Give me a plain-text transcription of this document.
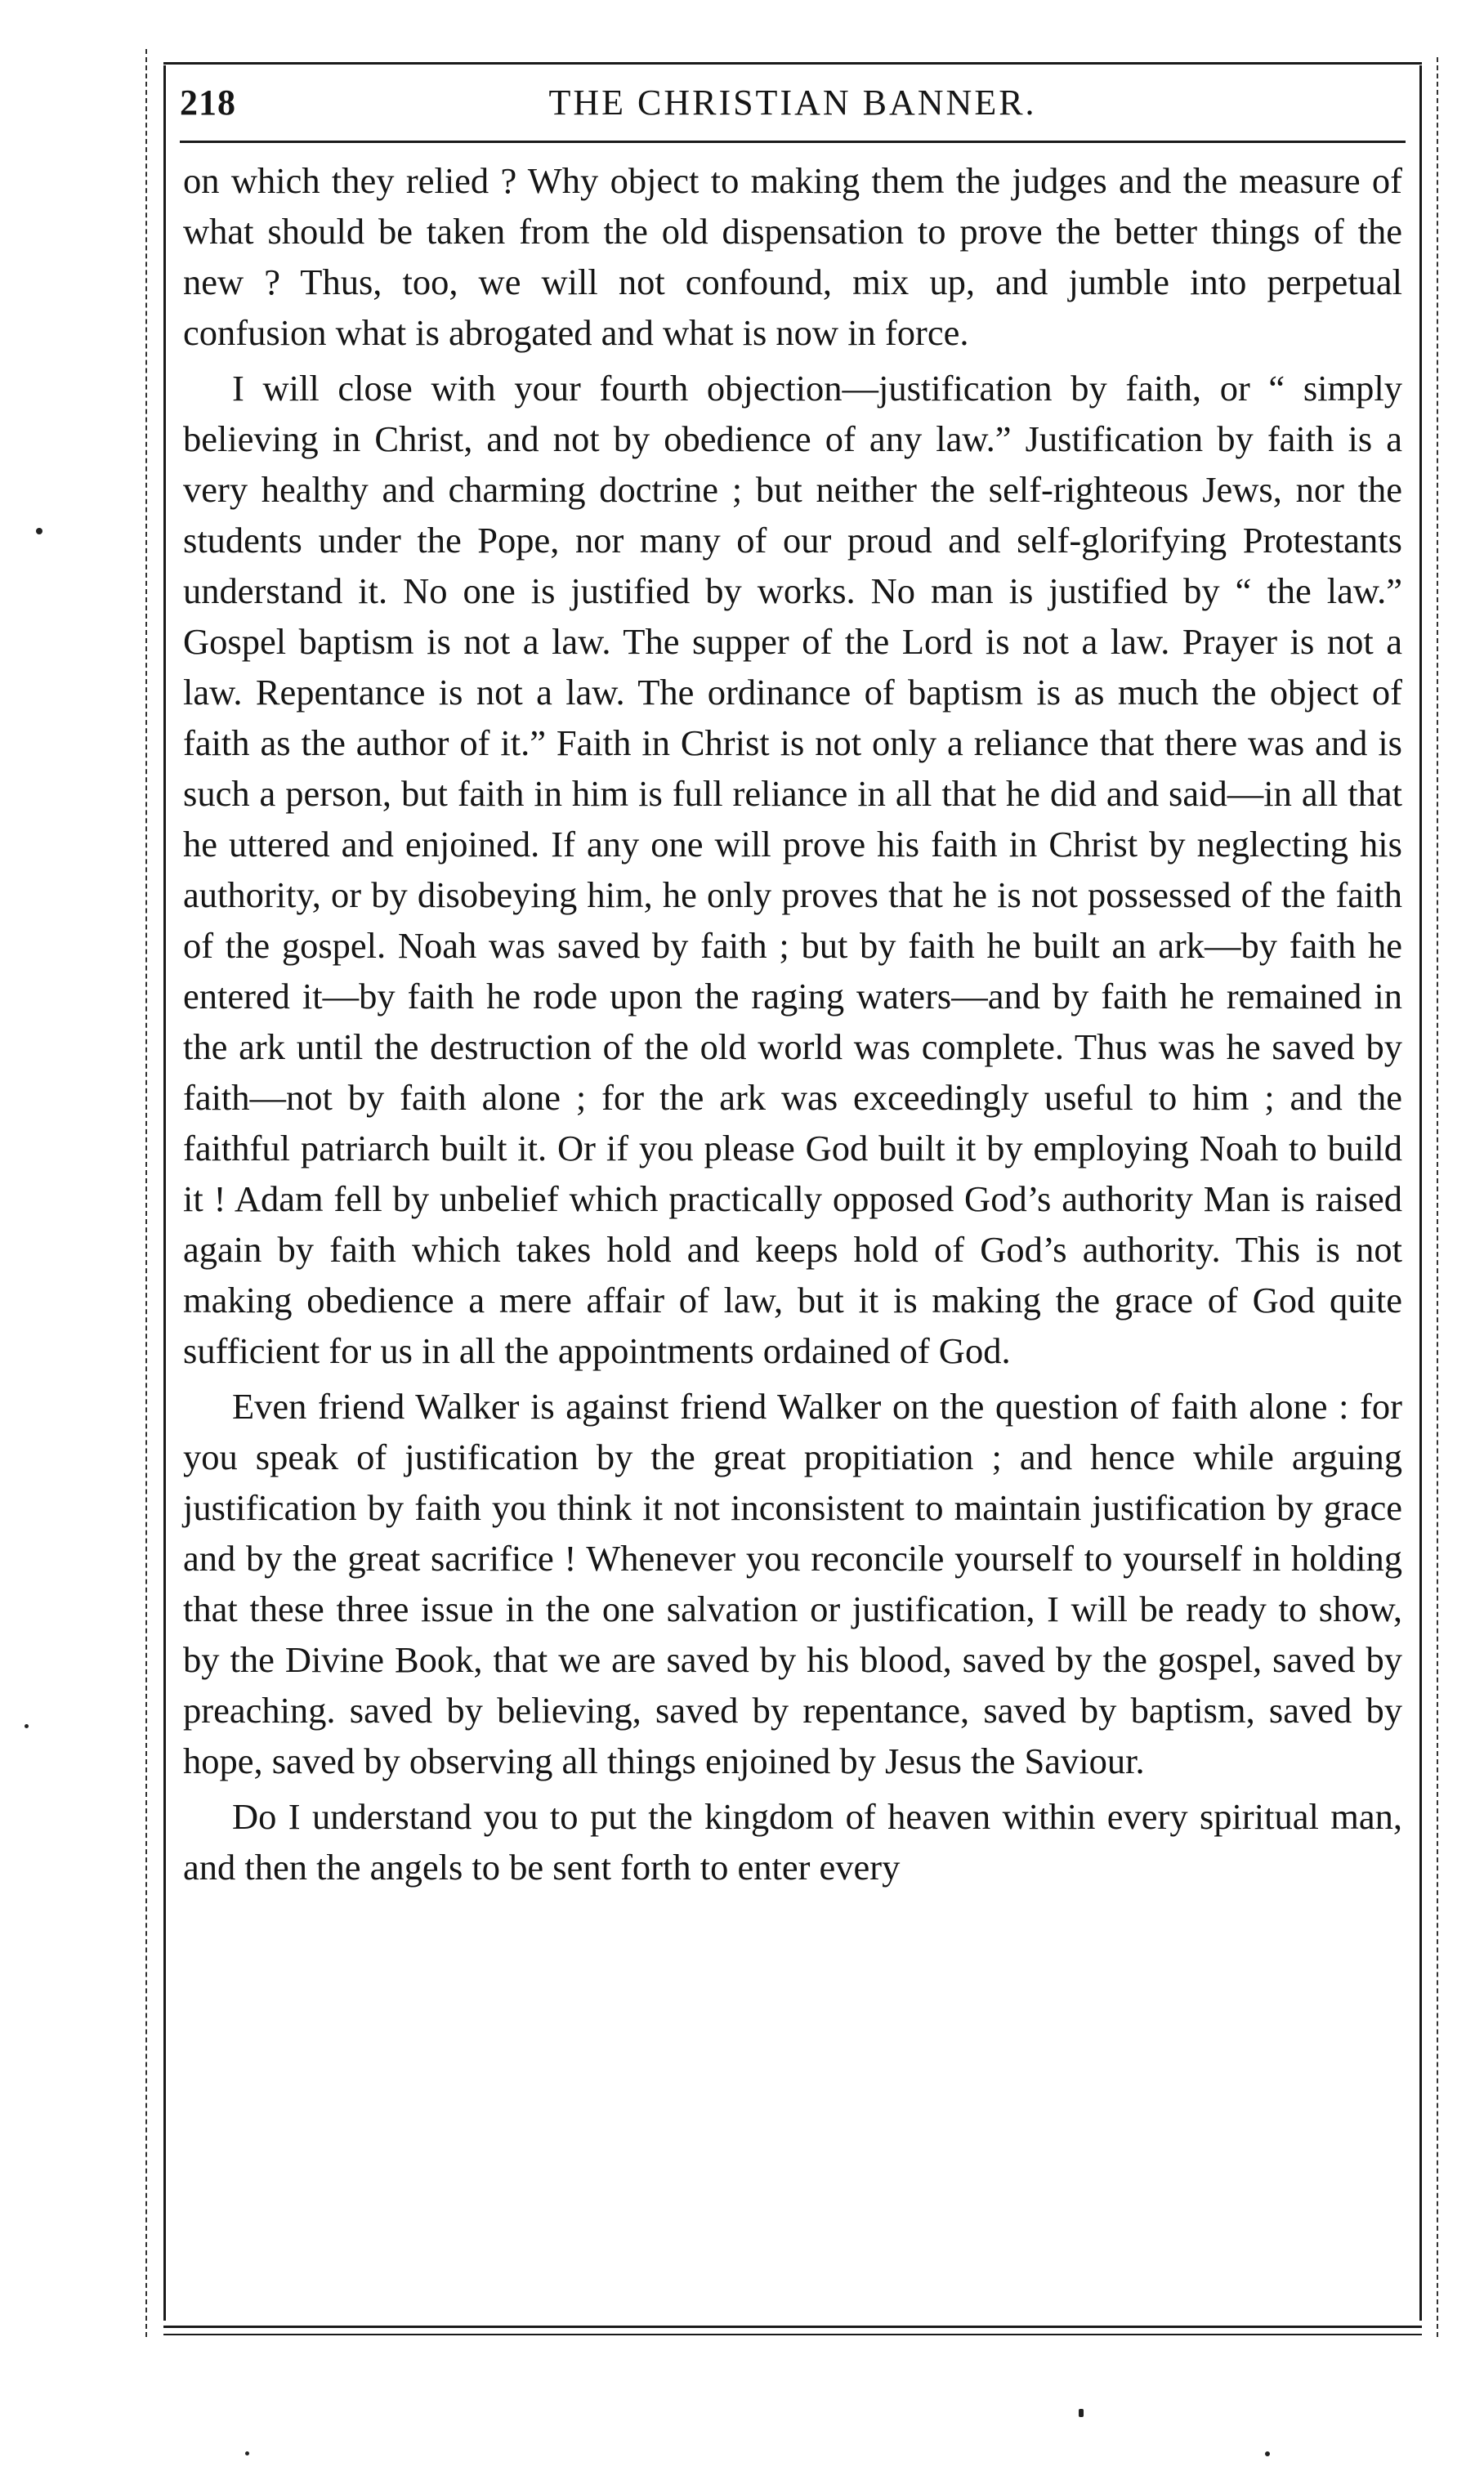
218	THE CHRISTIAN BANNER.

on which they relied ? Why object to making them the judges and the measure of what should be taken from the old dispensation to prove the better things of the new ? Thus, too, we will not confound, mix up, and jumble into perpetual confusion what is abrogated and what is now in force.

I will close with your fourth objection—justification by faith, or “ simply believing in Christ, and not by obedience of any law.” Justification by faith is a very healthy and charming doctrine ; but neither the self-righteous Jews, nor the students under the Pope, nor many of our proud and self-glorifying Protestants understand it. No one is justified by works. No man is justified by “ the law.” Gospel baptism is not a law. The supper of the Lord is not a law. Prayer is not a law. Repentance is not a law. The ordinance of baptism is as much the object of faith as the author of it.” Faith in Christ is not only a reliance that there was and is such a person, but faith in him is full reliance in all that he did and said—in all that he uttered and enjoined. If any one will prove his faith in Christ by neglecting his authority, or by disobeying him, he only proves that he is not possessed of the faith of the gospel. Noah was saved by faith ; but by faith he built an ark—by faith he entered it—by faith he rode upon the raging waters—and by faith he remained in the ark until the destruction of the old world was complete. Thus was he saved by faith—not by faith alone ; for the ark was exceedingly useful to him ; and the faithful patriarch built it. Or if you please God built it by employing Noah to build it ! Adam fell by unbelief which practically opposed God’s authority Man is raised again by faith which takes hold and keeps hold of God’s authority. This is not making obedience a mere affair of law, but it is making the grace of God quite sufficient for us in all the appointments ordained of God.

Even friend Walker is against friend Walker on the question of faith alone : for you speak of justification by the great propitiation ; and hence while arguing justification by faith you think it not inconsistent to maintain justification by grace and by the great sacrifice ! Whenever you reconcile yourself to yourself in holding that these three issue in the one salvation or justification, I will be ready to show, by the Divine Book, that we are saved by his blood, saved by the gospel, saved by preaching. saved by believing, saved by repentance, saved by baptism, saved by hope, saved by observing all things enjoined by Jesus the Saviour.

Do I understand you to put the kingdom of heaven within every spiritual man, and then the angels to be sent forth to enter every
